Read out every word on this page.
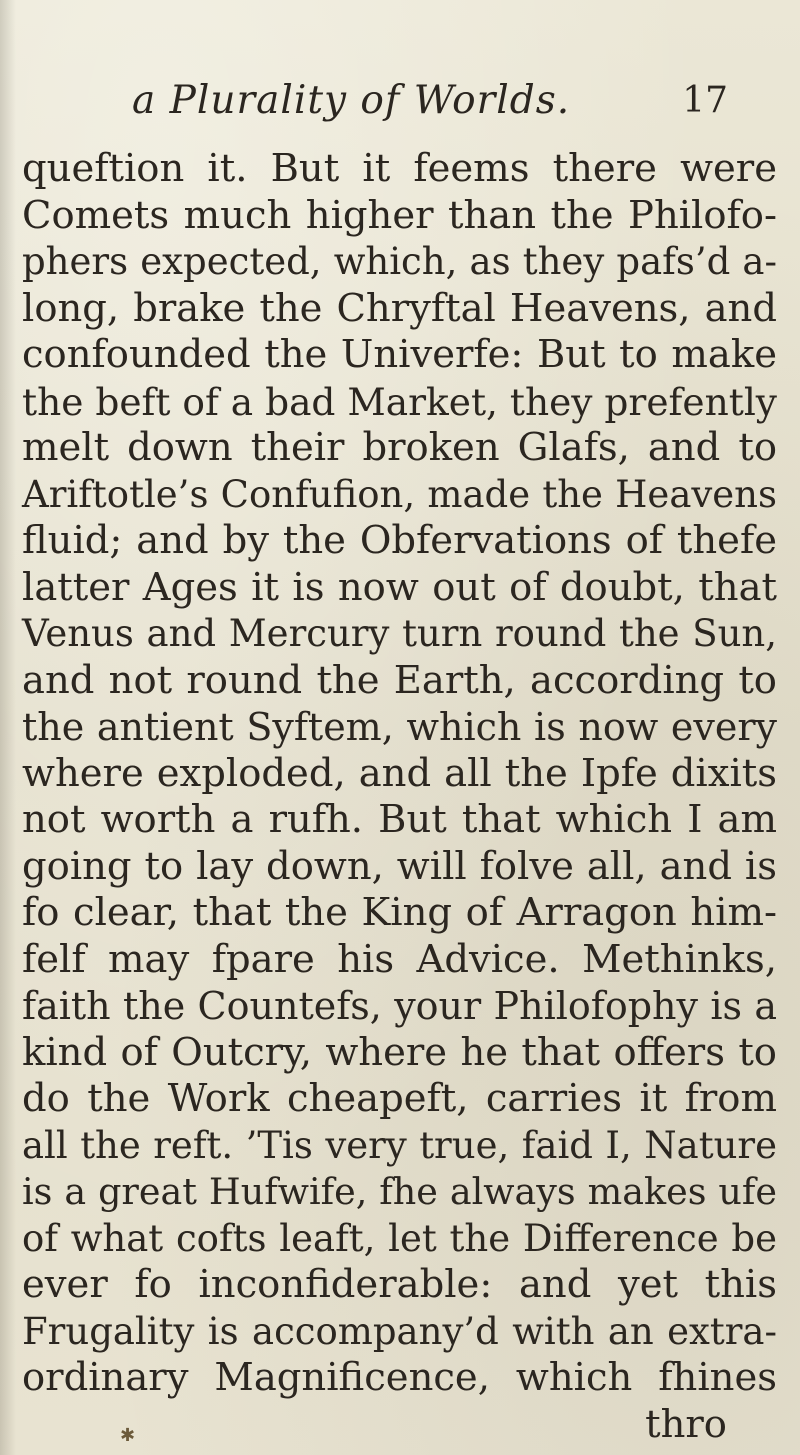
a Plurality of Worlds.	17
queftion it. But it feems there were
Comets much higher than the Philofo-
phers expected, which, as they pafs’d a-
long, brake the Chryftal Heavens, and
confounded the Univerfe: But to make
the beft of a bad Market, they prefently
melt down their broken Glafs, and to
Ariftotle’s Confufion, made the Heavens
fluid; and by the Obfervations of thefe
latter Ages it is now out of doubt, that
Venus and Mercury turn round the Sun,
and not round the Earth, according to
the antient Syftem, which is now every
where exploded, and all the Ipfe dixits
not worth a rufh. But that which I am
going to lay down, will folve all, and is
fo clear, that the King of Arragon him-
felf may fpare his Advice. Methinks,
faith the Countefs, your Philofophy is a
kind of Outcry, where he that offers to
do the Work cheapeft, carries it from
all the reft. ’Tis very true, faid I, Nature
is a great Hufwife, fhe always makes ufe
of what cofts leaft, let the Difference be
ever fo inconfiderable: and yet this
Frugality is accompany’d with an extra-
ordinary Magnificence, which fhines
thro
✱
